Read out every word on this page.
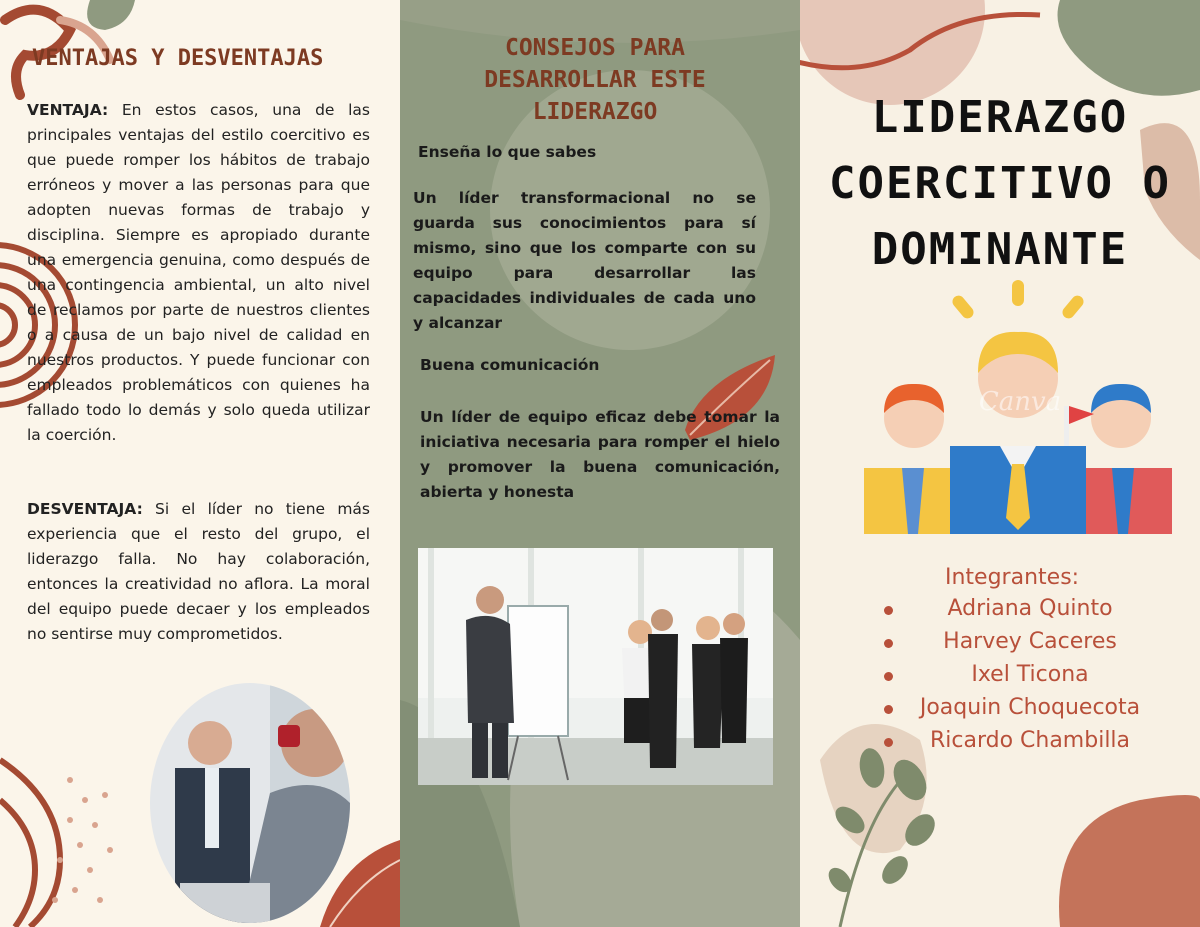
VENTAJAS Y DESVENTAJAS
VENTAJA: En estos casos, una de las principales ventajas del estilo coercitivo es que puede romper los hábitos de trabajo erróneos y mover a las personas para que adopten nuevas formas de trabajo y disciplina. Siempre es apropiado durante una emergencia genuina, como después de una contingencia ambiental, un alto nivel de reclamos por parte de nuestros clientes o a causa de un bajo nivel de calidad en nuestros productos. Y puede funcionar con empleados problemáticos con quienes ha fallado todo lo demás y solo queda utilizar la coerción.
DESVENTAJA: Si el líder no tiene más experiencia que el resto del grupo, el liderazgo falla. No hay colaboración, entonces la creatividad no aflora. La moral del equipo puede decaer y los empleados no sentirse muy comprometidos.
CONSEJOS PARA
DESARROLLAR ESTE
LIDERAZGO
Enseña lo que sabes
Un líder transformacional no se guarda sus conocimientos para sí mismo, sino que los comparte con su equipo para desarrollar las capacidades individuales de cada uno y alcanzar
Buena comunicación
Un líder de equipo eficaz debe tomar la iniciativa necesaria para romper el hielo y promover la buena comunicación, abierta y honesta
LIDERAZGO
COERCITIVO O
DOMINANTE
Canva
Integrantes:
Adriana Quinto
Harvey Caceres
Ixel Ticona
Joaquin Choquecota
Ricardo Chambilla
